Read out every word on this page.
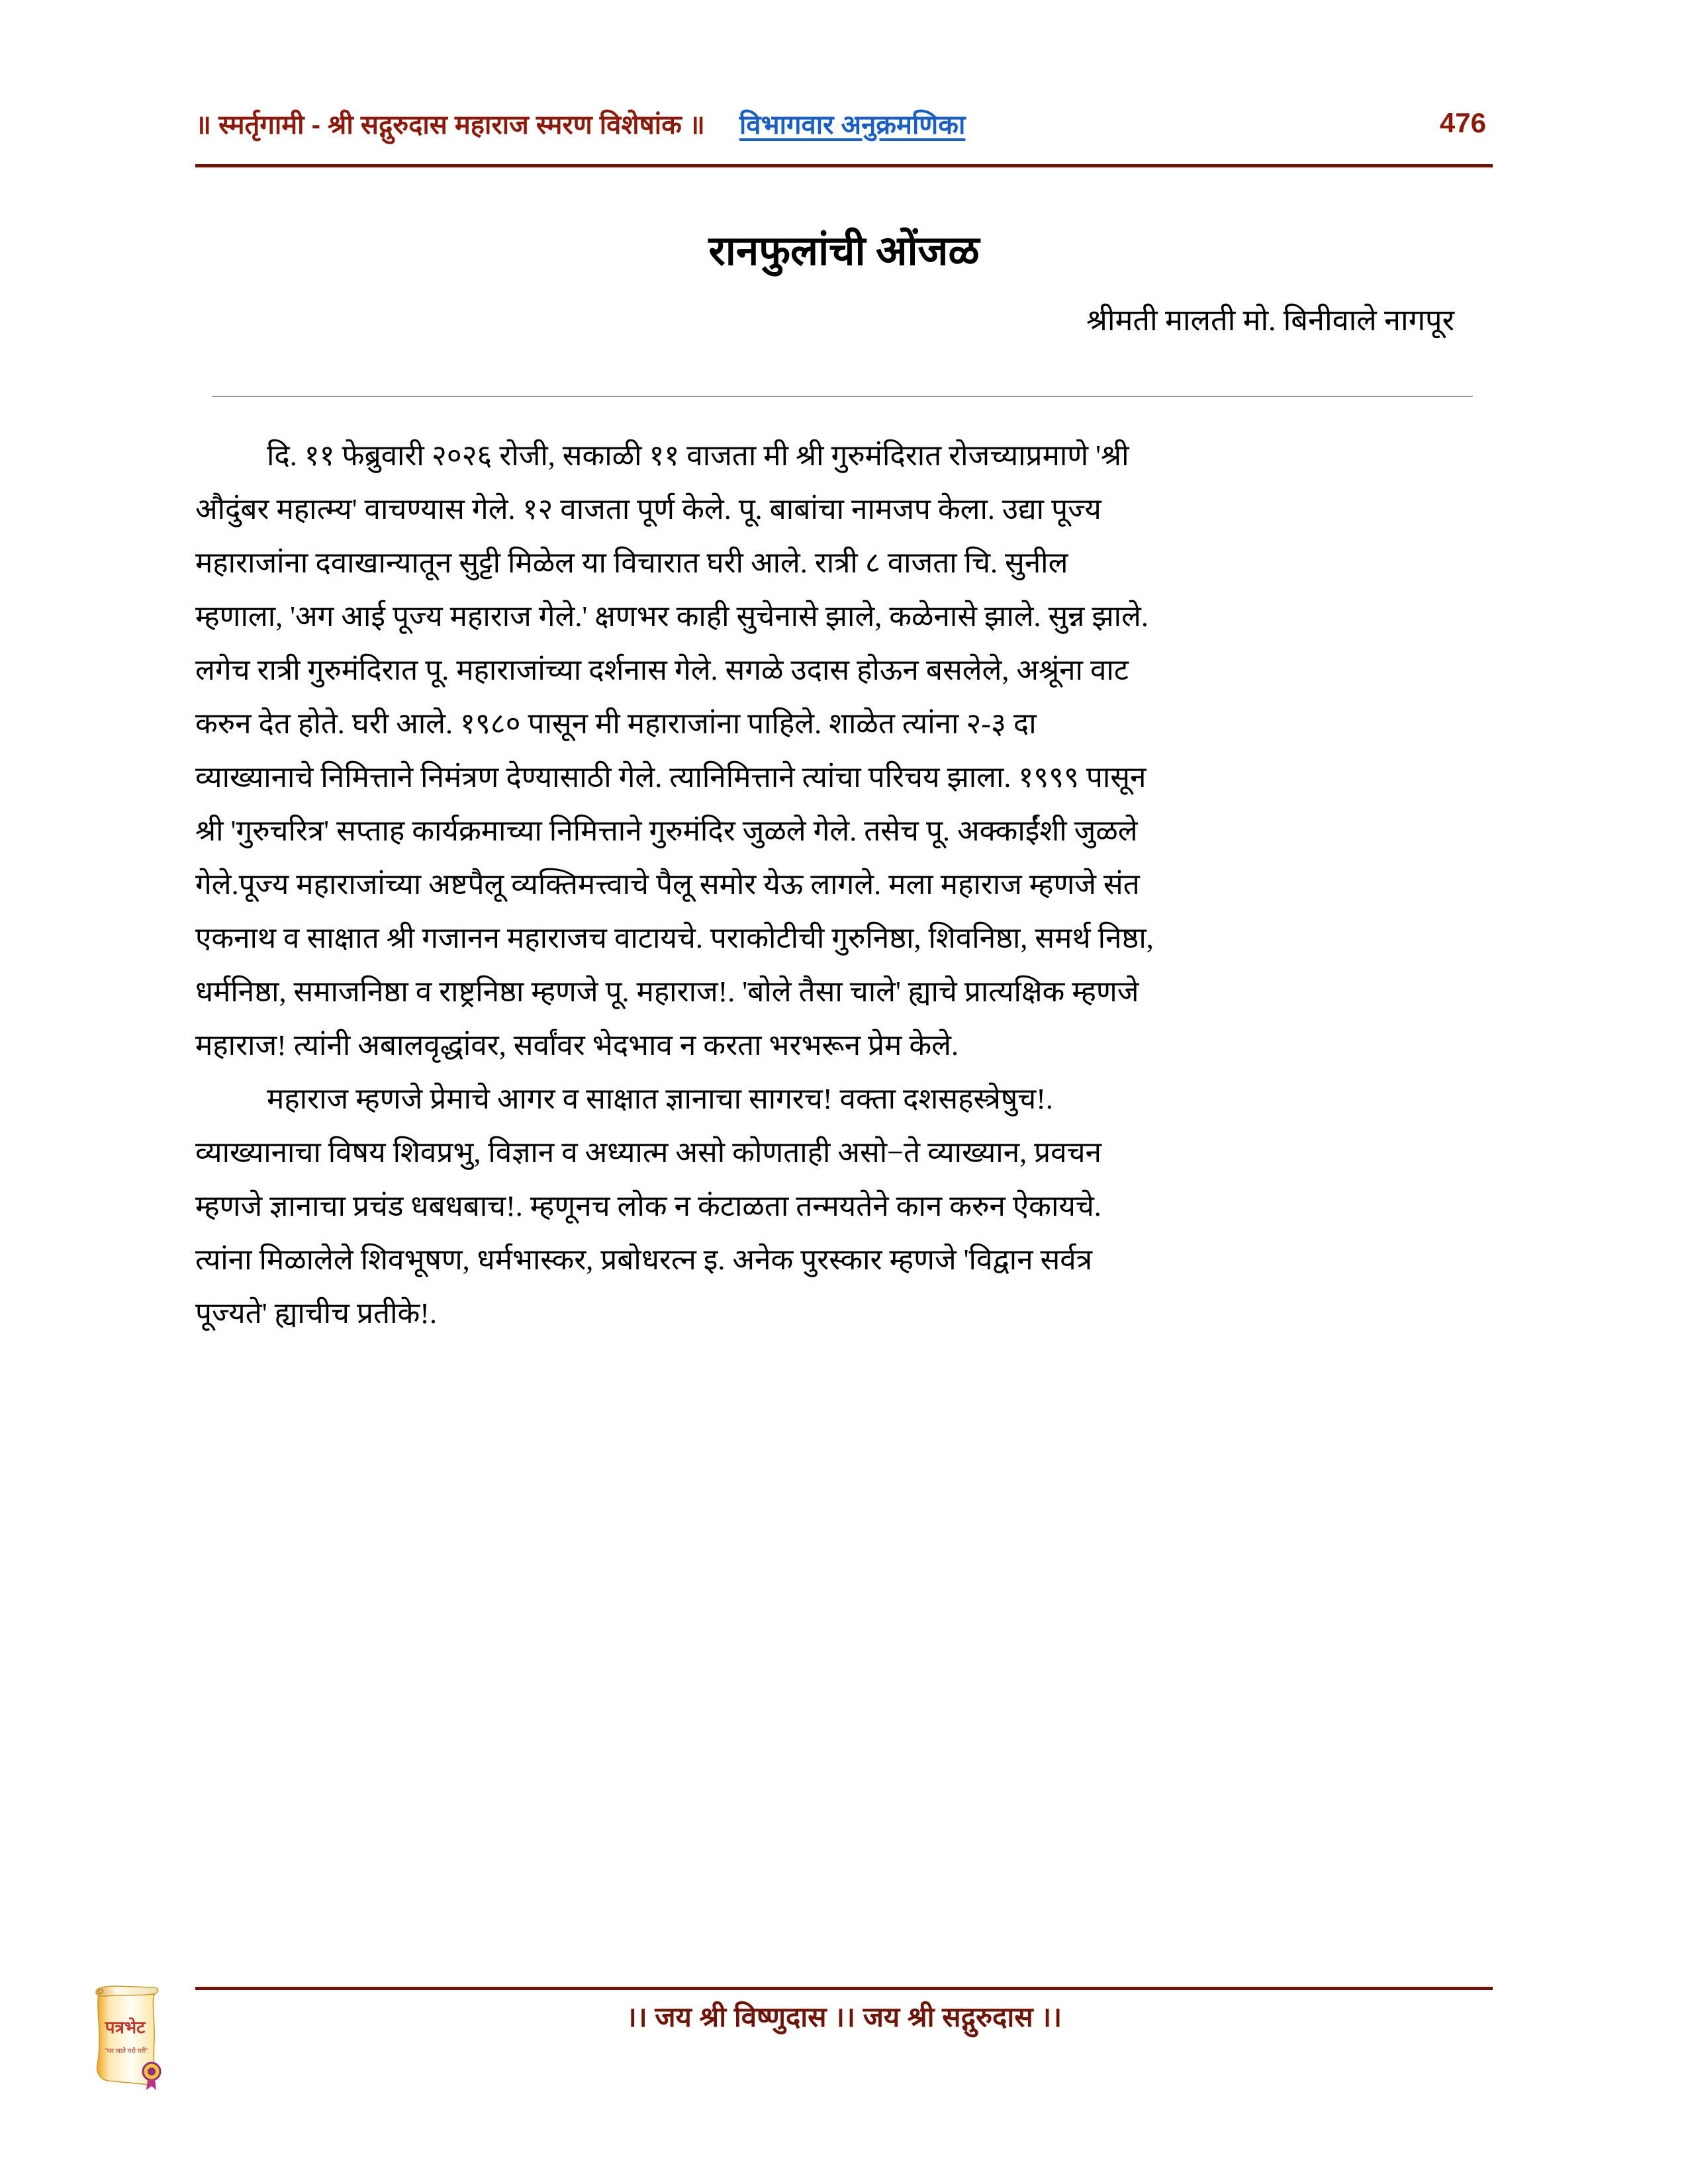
॥ स्मर्तृगामी - श्री सद्गुरुदास महाराज स्मरण विशेषांक ॥ विभागवार अनुक्रमणिका	476
रानफुलांची ओंजळ
श्रीमती मालती मो. बिनीवाले नागपूर

दि. ११ फेब्रुवारी २०२६ रोजी, सकाळी ११ वाजता मी श्री गुरुमंदिरात रोजच्याप्रमाणे 'श्री
औदुंबर महात्म्य' वाचण्यास गेले. १२ वाजता पूर्ण केले. पू. बाबांचा नामजप केला. उद्या पूज्य
महाराजांना दवाखान्यातून सुट्टी मिळेल या विचारात घरी आले. रात्री ८ वाजता चि. सुनील
म्हणाला, 'अग आई पूज्य महाराज गेले.' क्षणभर काही सुचेनासे झाले, कळेनासे झाले. सुन्न झाले.
लगेच रात्री गुरुमंदिरात पू. महाराजांच्या दर्शनास गेले. सगळे उदास होऊन बसलेले, अश्रूंना वाट
करुन देत होते. घरी आले. १९८० पासून मी महाराजांना पाहिले. शाळेत त्यांना २-३ दा
व्याख्यानाचे निमित्ताने निमंत्रण देण्यासाठी गेले. त्यानिमित्ताने त्यांचा परिचय झाला. १९९९ पासून
श्री 'गुरुचरित्र' सप्ताह कार्यक्रमाच्या निमित्ताने गुरुमंदिर जुळले गेले. तसेच पू. अक्काईंशी जुळले
गेले.पूज्य महाराजांच्या अष्टपैलू व्यक्तिमत्त्वाचे पैलू समोर येऊ लागले. मला महाराज म्हणजे संत
एकनाथ व साक्षात श्री गजानन महाराजच वाटायचे. पराकोटीची गुरुनिष्ठा, शिवनिष्ठा, समर्थ निष्ठा,
धर्मनिष्ठा, समाजनिष्ठा व राष्ट्रनिष्ठा म्हणजे पू. महाराज!. 'बोले तैसा चाले' ह्याचे प्रात्यक्षिक म्हणजे
महाराज! त्यांनी अबालवृद्धांवर, सर्वांवर भेदभाव न करता भरभरून प्रेम केले.

महाराज म्हणजे प्रेमाचे आगर व साक्षात ज्ञानाचा सागरच! वक्ता दशसहस्त्रेषुच!.
व्याख्यानाचा विषय शिवप्रभु, विज्ञान व अध्यात्म असो कोणताही असो−ते व्याख्यान, प्रवचन
म्हणजे ज्ञानाचा प्रचंड धबधबाच!. म्हणूनच लोक न कंटाळता तन्मयतेने कान करुन ऐकायचे.
त्यांना मिळालेले शिवभूषण, धर्मभास्कर, प्रबोधरत्न इ. अनेक पुरस्कार म्हणजे 'विद्वान सर्वत्र
पूज्यते' ह्याचीच प्रतीके!.

।। जय श्री विष्णुदास ।। जय श्री सद्गुरुदास ।।
पत्रभेट
"घर जाते घरो घरी"
